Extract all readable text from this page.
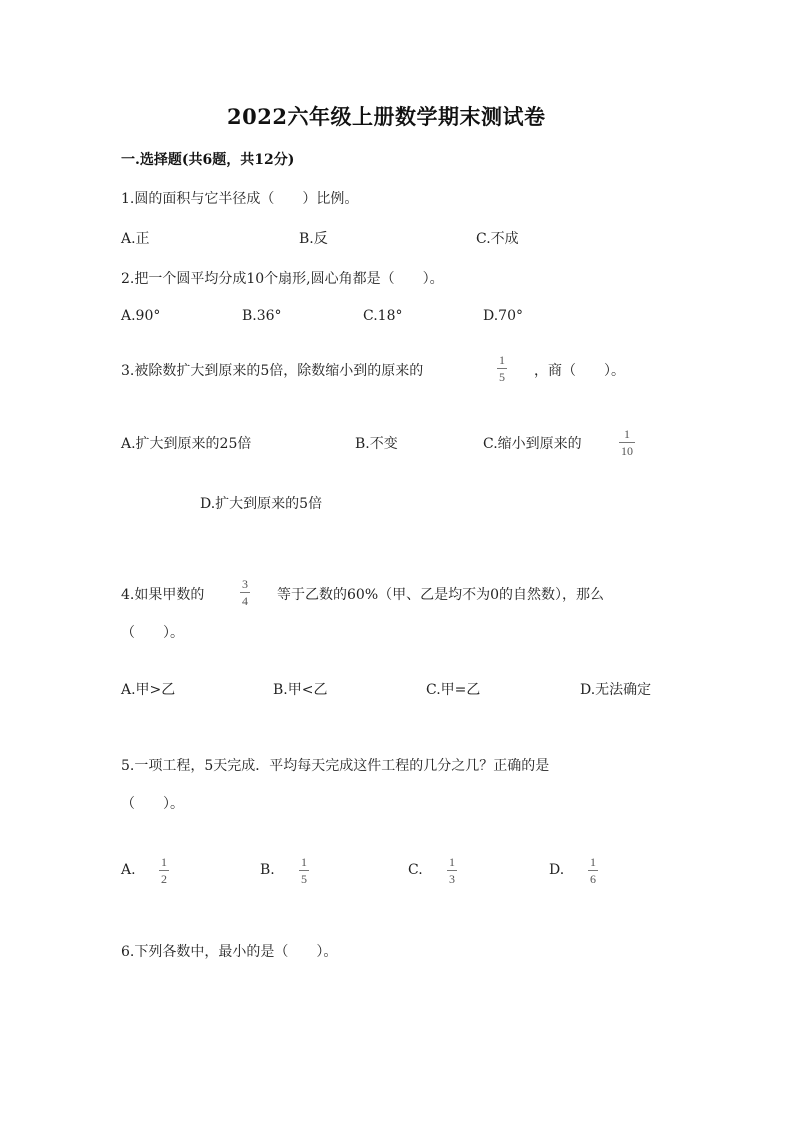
2022六年级上册数学期末测试卷
一.选择题(共6题，共12分)
1.圆的面积与它半径成（　　）比例。
A.正	B.反	C.不成
2.把一个圆平均分成10个扇形,圆心角都是（　　）。
A.90°	B.36°	C.18°	D.70°
3.被除数扩大到原来的5倍，除数缩小到的原来的
1
5 ，商（　　）。
A.扩大到原来的25倍	B.不变	C.缩小到原来的
1
10
D.扩大到原来的5倍
4.如果甲数的
3
4 等于乙数的60%（甲、乙是均不为0的自然数），那么
（　　）。
A.甲>乙	B.甲<乙	C.甲=乙	D.无法确定
5.一项工程，5天完成．平均每天完成这件工程的几分之几？正确的是
（　　）。
A. 1
2
B. 1
5
C. 1
3
D. 1
6
6.下列各数中，最小的是（　　）。
